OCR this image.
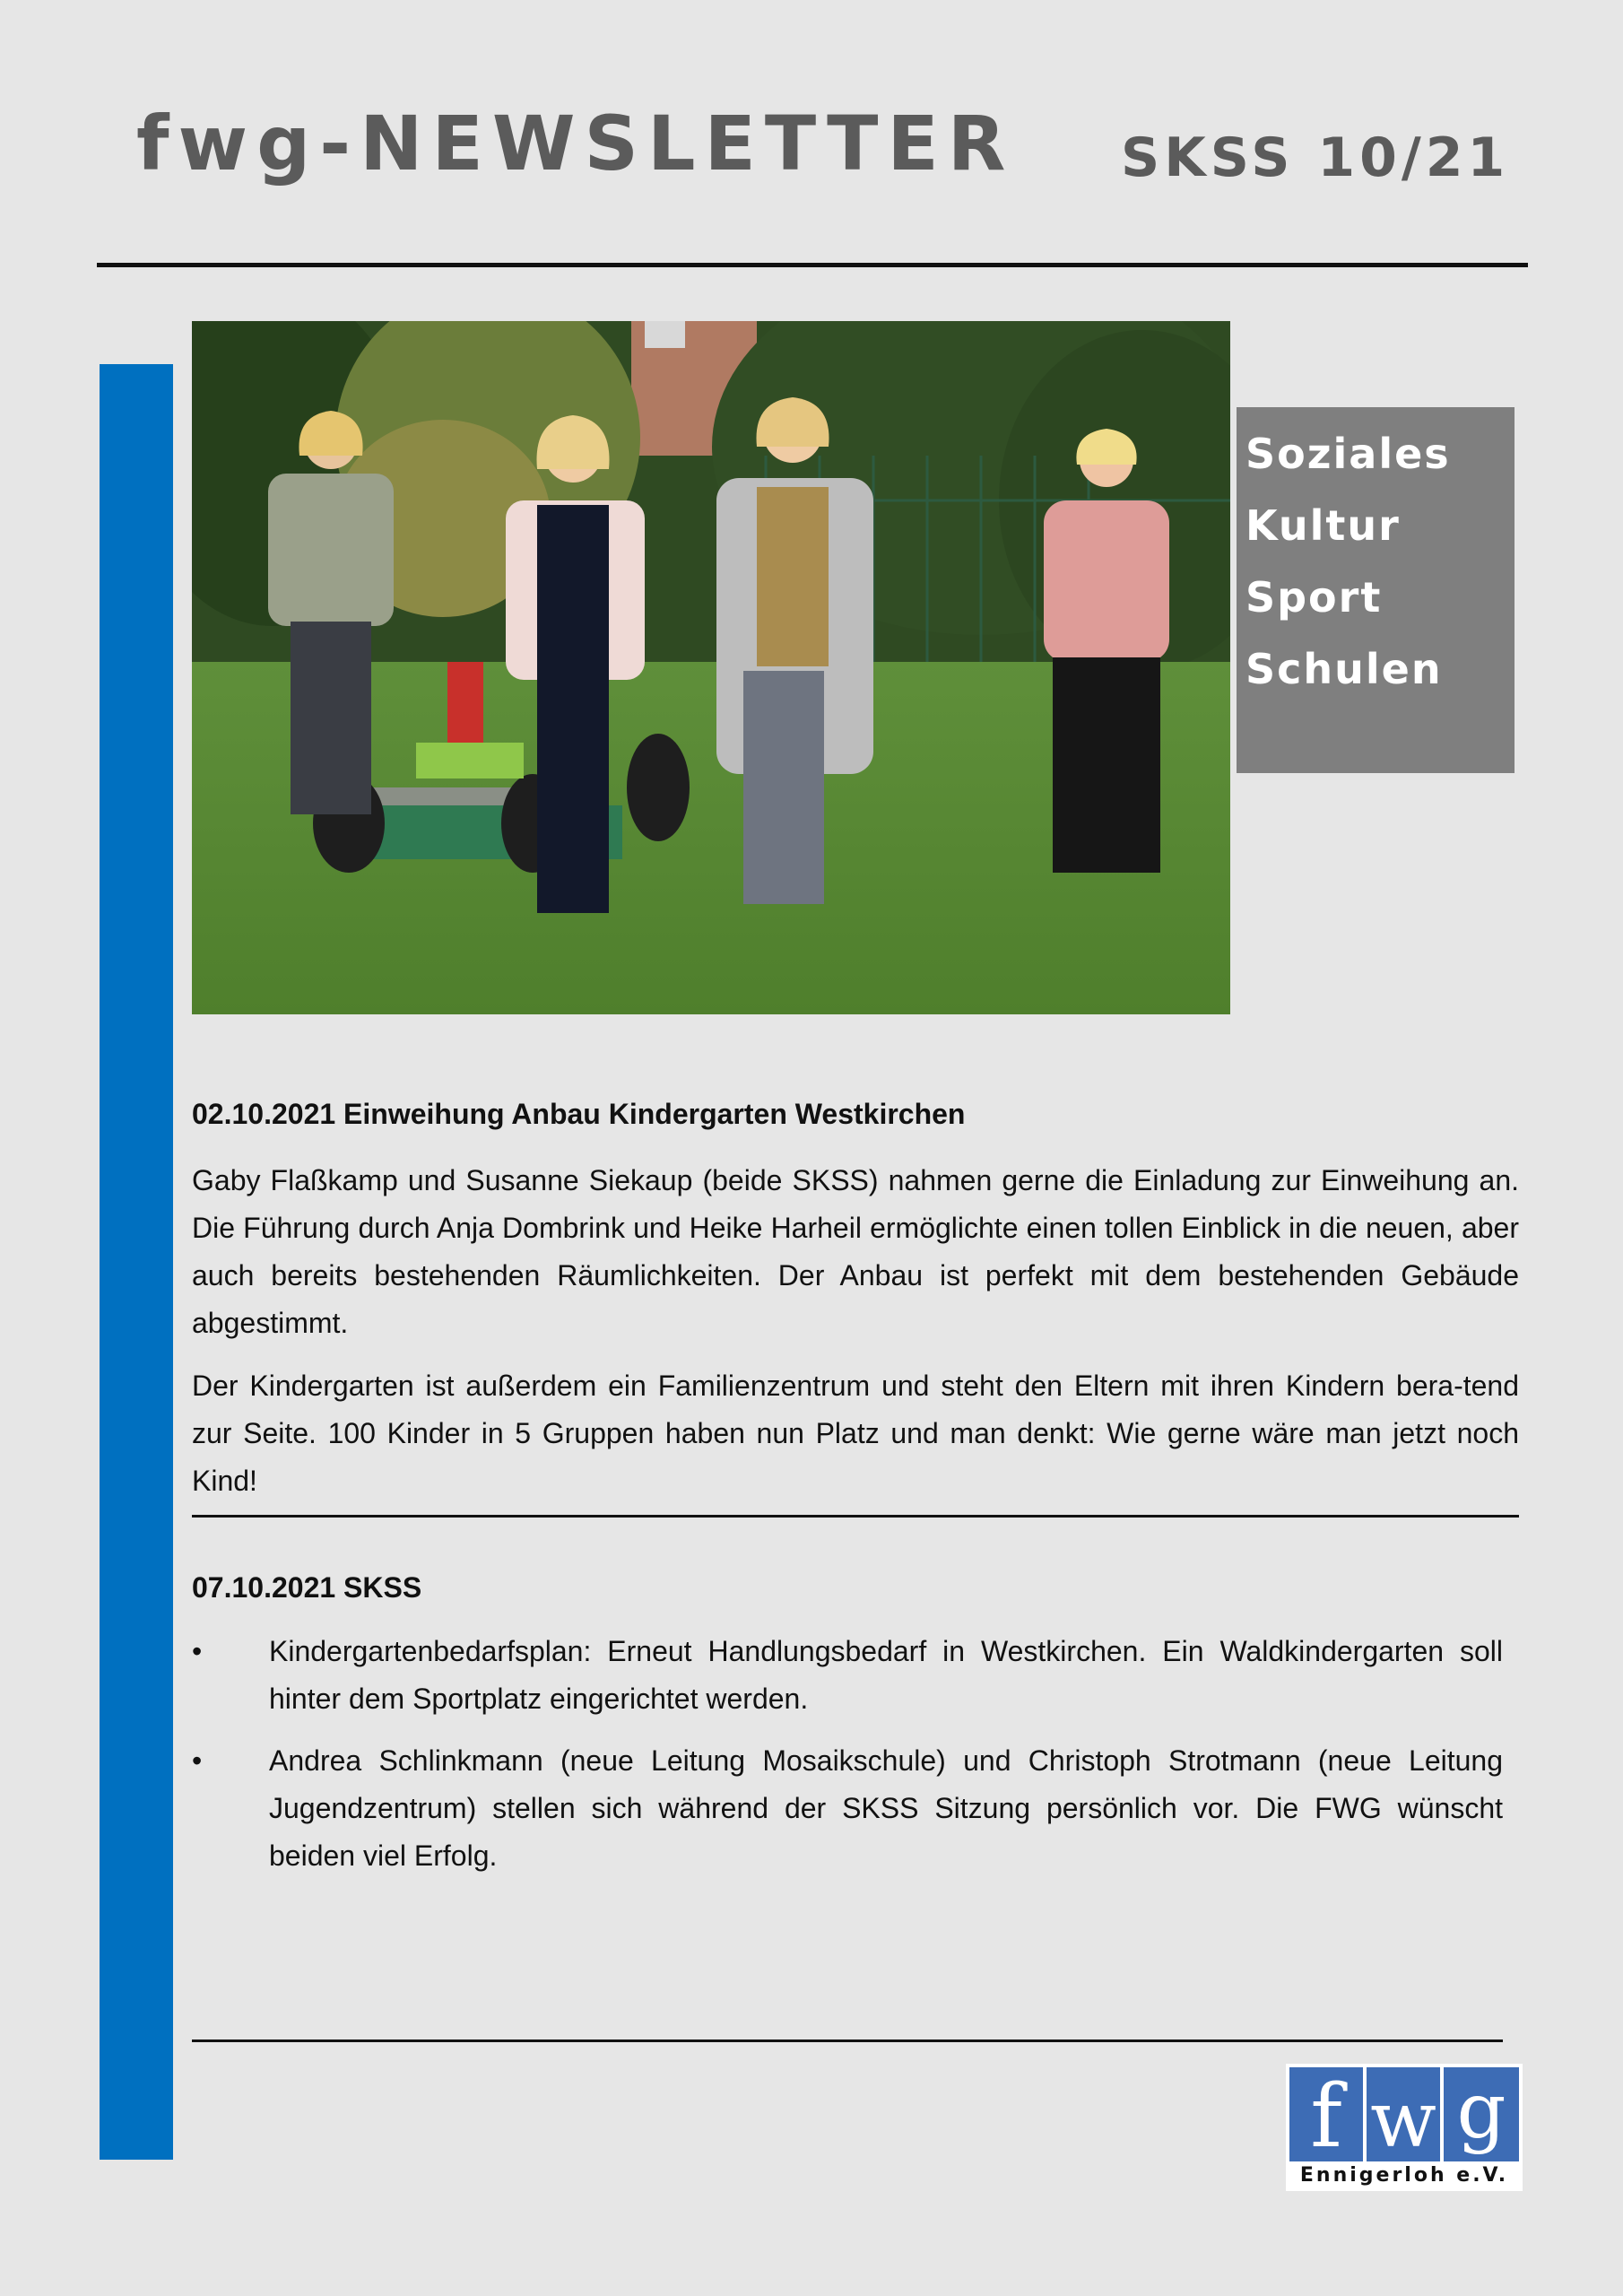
fwg-NEWSLETTER SKSS 10/21
Soziales
Kultur
Sport
Schulen
02.10.2021 Einweihung Anbau Kindergarten Westkirchen
Gaby Flaßkamp und Susanne Siekaup (beide SKSS) nahmen gerne die Einladung zur Einweihung an. Die Führung durch Anja Dombrink und Heike Harheil ermöglichte einen tollen Einblick in die neuen, aber auch bereits bestehenden Räumlichkeiten. Der Anbau ist perfekt mit dem bestehenden Gebäude abgestimmt.
Der Kindergarten ist außerdem ein Familienzentrum und steht den Eltern mit ihren Kindern bera-tend zur Seite. 100 Kinder in 5 Gruppen haben nun Platz und man denkt: Wie gerne wäre man jetzt noch Kind!
07.10.2021 SKSS
• Kindergartenbedarfsplan: Erneut Handlungsbedarf in Westkirchen. Ein Waldkindergarten soll hinter dem Sportplatz eingerichtet werden.
• Andrea Schlinkmann (neue Leitung Mosaikschule) und Christoph Strotmann (neue Leitung Jugendzentrum) stellen sich während der SKSS Sitzung persönlich vor. Die FWG wünscht beiden viel Erfolg.
f w g
Ennigerloh e.V.
